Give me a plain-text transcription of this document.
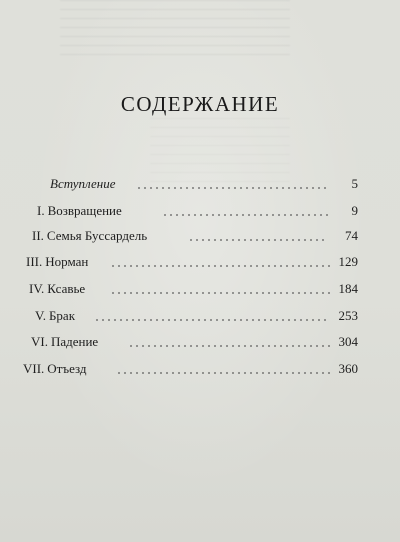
СОДЕРЖАНИЕ
Вступление	5
I. Возвращение	9
II. Семья Буссардель	74
III. Норман	129
IV. Ксавье	184
V. Брак	253
VI. Падение	304
VII. Отъезд	360
